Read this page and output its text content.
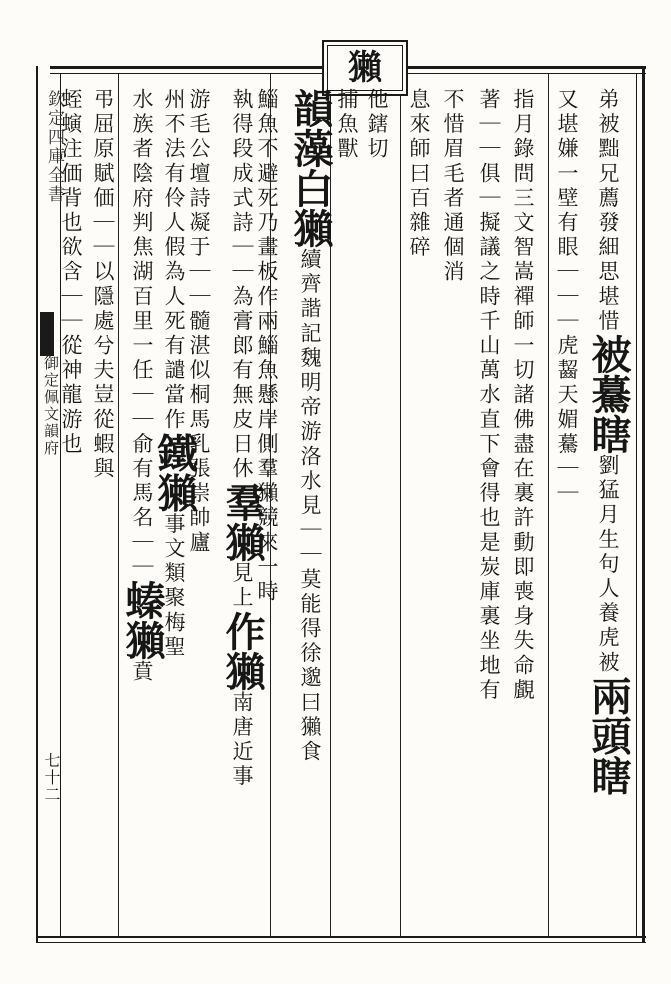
獺
欽定四庫全書
御定佩文韻府
七十二
弟被黜兄薦發細思堪惜被驀瞎劉猛月生句人養虎被兩頭瞎
又堪嫌一壁有眼｜｜｜虎齧天媚驀｜｜
指月錄問三文智嵩禪師一切諸佛盡在裏許動即喪身失命覰
著｜｜俱｜擬議之時千山萬水直下會得也是炭庫裏坐地有
不惜眉毛者通個消
息來師曰百雜碎
他鎋切
捕魚獸
韻藻白獺續齊諧記魏明帝游洛水見｜｜莫能得徐邈曰獺食
鯔魚不避死乃畫板作兩鯔魚懸岸側羣獺競來一時
執得段成式詩｜｜為膏郎有無皮日休羣獺見上作獺南唐近事
游毛公壇詩凝于｜｜髓湛似桐馬乳張崇帥廬
州不法有伶人假為人死有譴當作鐵獺事文類聚梅聖
水族者陰府判焦湖百里一任｜｜俞有馬名｜｜螓獺賁
弔屈原賦価｜｜以隱處兮夫豈從蝦與
蛭螾注価背也欲含｜｜從神龍游也
